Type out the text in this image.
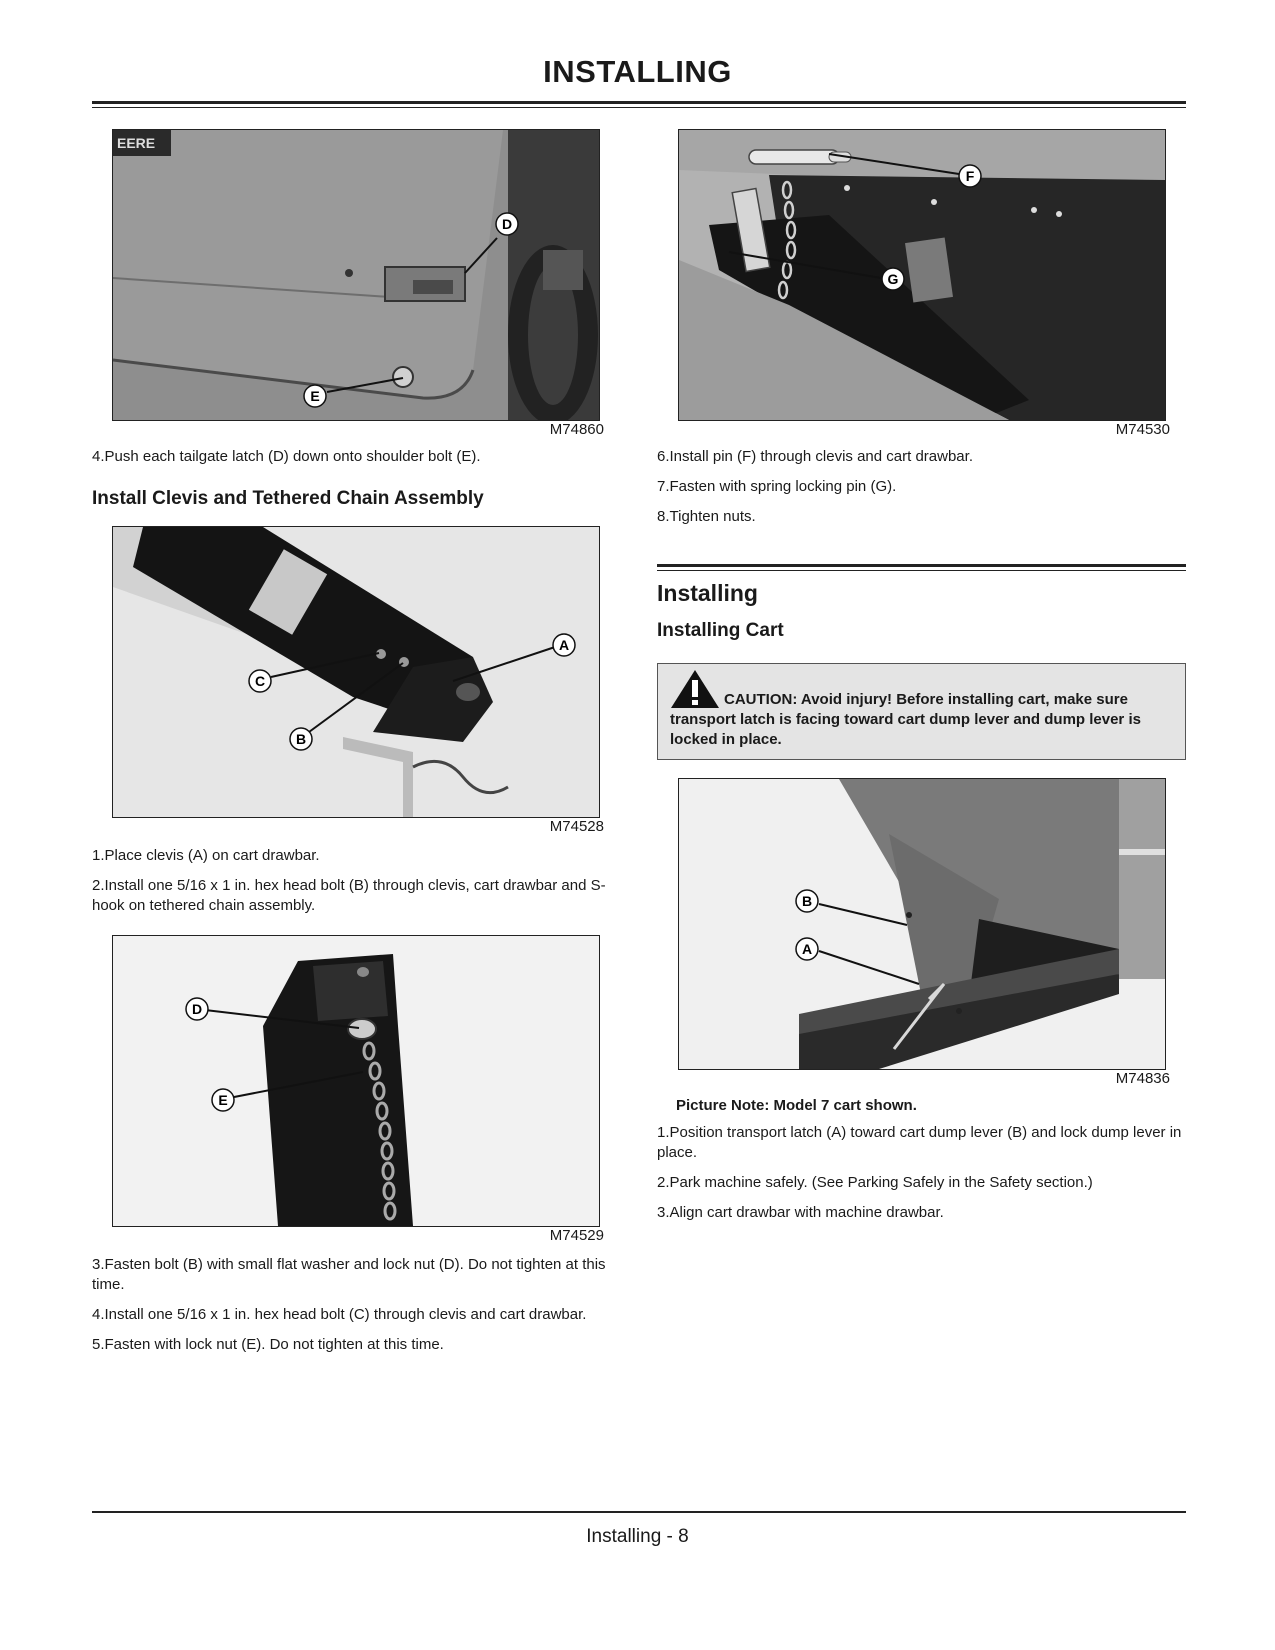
INSTALLING
EERE
D
E
M74860
4.Push each tailgate latch (D) down onto shoulder bolt (E).
Install Clevis and Tethered Chain Assembly
A
C
B
M74528
1.Place clevis (A) on cart drawbar.
2.Install one 5/16 x 1 in. hex head bolt (B) through clevis, cart drawbar and S-hook on tethered chain assembly.
D
E
M74529
3.Fasten bolt (B) with small flat washer and lock nut (D). Do not tighten at this time.
4.Install one 5/16 x 1 in. hex head bolt (C) through clevis and cart drawbar.
5.Fasten with lock nut (E). Do not tighten at this time.
F
G
M74530
6.Install pin (F) through clevis and cart drawbar.
7.Fasten with spring locking pin (G).
8.Tighten nuts.
Installing
Installing Cart
CAUTION: Avoid injury! Before installing cart, make sure transport latch is facing toward cart dump lever and dump lever is locked in place.
B
A
M74836
Picture Note: Model 7 cart shown.
1.Position transport latch (A) toward cart dump lever (B) and lock dump lever in place.
2.Park machine safely. (See Parking Safely in the Safety section.)
3.Align cart drawbar with machine drawbar.
Installing - 8
